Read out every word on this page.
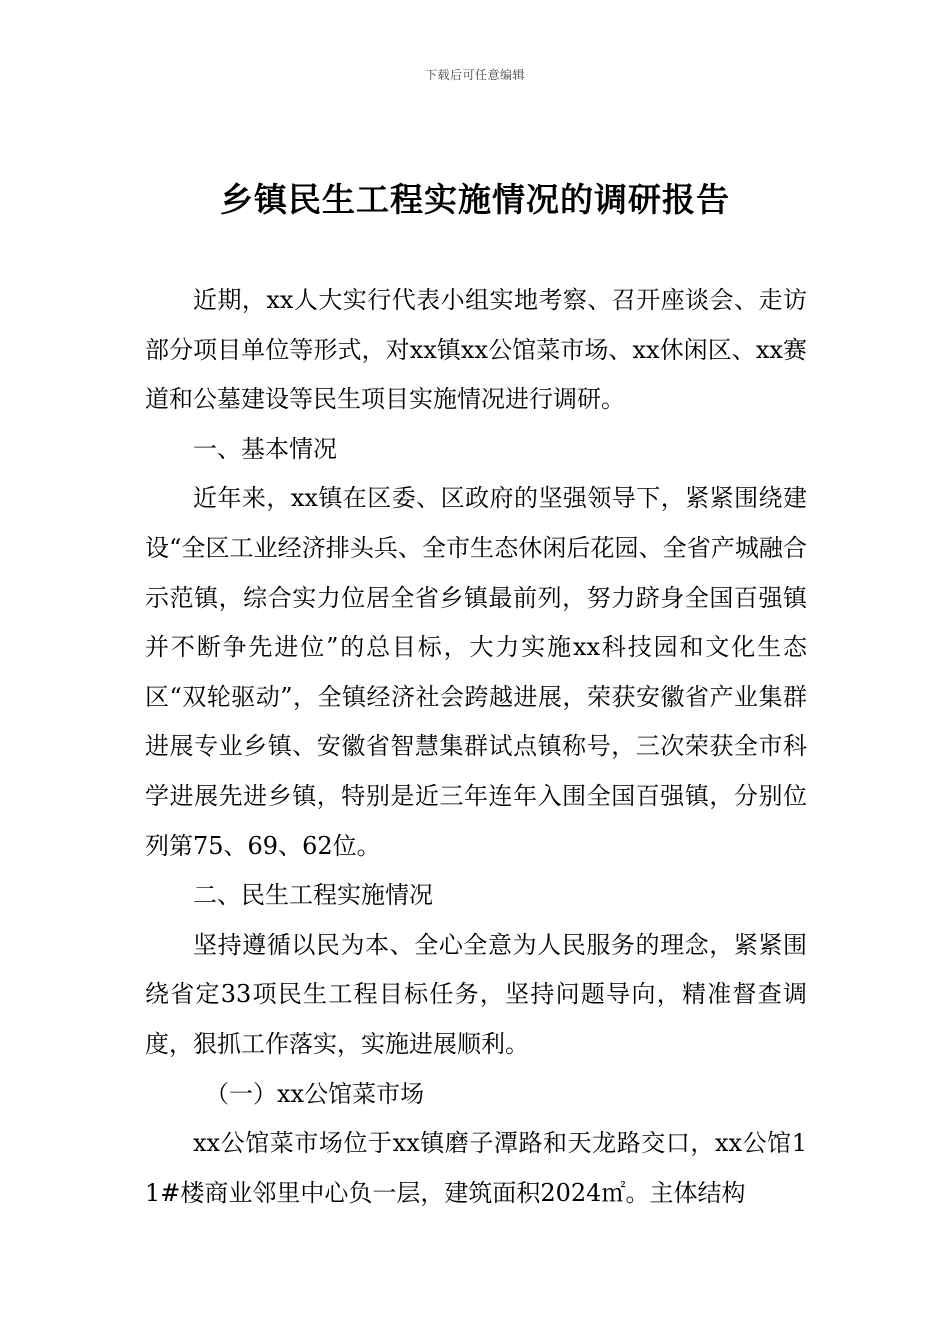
下载后可任意编辑
乡镇民生工程实施情况的调研报告

近期，xx人大实行代表小组实地考察、召开座谈会、走访部分项目单位等形式，对xx镇xx公馆菜市场、xx休闲区、xx赛道和公墓建设等民生项目实施情况进行调研。

一、基本情况

近年来，xx镇在区委、区政府的坚强领导下，紧紧围绕建设“全区工业经济排头兵、全市生态休闲后花园、全省产城融合示范镇，综合实力位居全省乡镇最前列，努力跻身全国百强镇并不断争先进位”的总目标，大力实施xx科技园和文化生态区“双轮驱动”，全镇经济社会跨越进展，荣获安徽省产业集群进展专业乡镇、安徽省智慧集群试点镇称号，三次荣获全市科学进展先进乡镇，特别是近三年连年入围全国百强镇，分别位列第75、69、62位。

二、民生工程实施情况

坚持遵循以民为本、全心全意为人民服务的理念，紧紧围绕省定33项民生工程目标任务，坚持问题导向，精准督查调度，狠抓工作落实，实施进展顺利。

（一）xx公馆菜市场

xx公馆菜市场位于xx镇磨子潭路和天龙路交口，xx公馆11#楼商业邻里中心负一层，建筑面积2024㎡。主体结构
